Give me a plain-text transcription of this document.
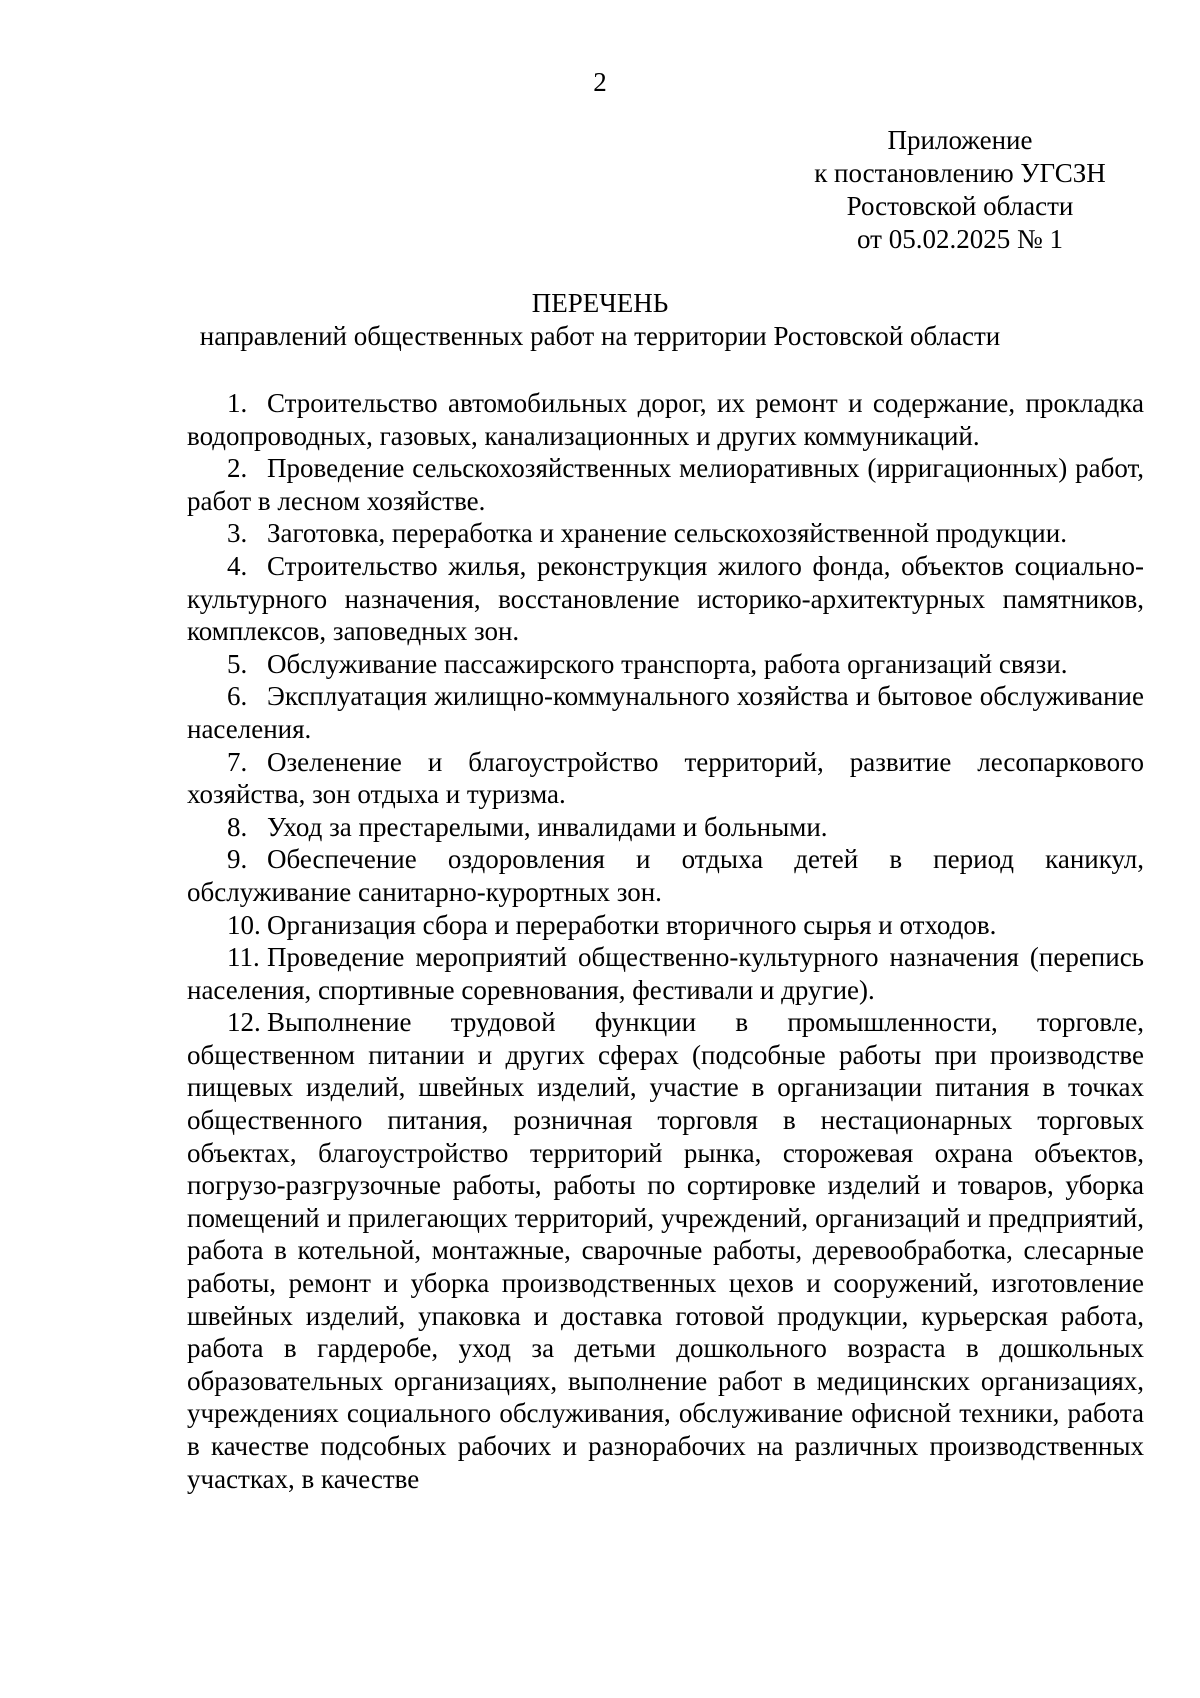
2
Приложение
к постановлению УГСЗН
Ростовской области
от 05.02.2025 № 1
ПЕРЕЧЕНЬ
направлений общественных работ на территории Ростовской области
1. Строительство автомобильных дорог, их ремонт и содержание, прокладка водопроводных, газовых, канализационных и других коммуникаций.
2. Проведение сельскохозяйственных мелиоративных (ирригационных) работ, работ в лесном хозяйстве.
3. Заготовка, переработка и хранение сельскохозяйственной продукции.
4. Строительство жилья, реконструкция жилого фонда, объектов социально-культурного назначения, восстановление историко-архитектурных памятников, комплексов, заповедных зон.
5. Обслуживание пассажирского транспорта, работа организаций связи.
6. Эксплуатация жилищно-коммунального хозяйства и бытовое обслуживание населения.
7. Озеленение и благоустройство территорий, развитие лесопаркового хозяйства, зон отдыха и туризма.
8. Уход за престарелыми, инвалидами и больными.
9. Обеспечение оздоровления и отдыха детей в период каникул, обслуживание санитарно-курортных зон.
10. Организация сбора и переработки вторичного сырья и отходов.
11. Проведение мероприятий общественно-культурного назначения (перепись населения, спортивные соревнования, фестивали и другие).
12. Выполнение трудовой функции в промышленности, торговле, общественном питании и других сферах (подсобные работы при производстве пищевых изделий, швейных изделий, участие в организации питания в точках общественного питания, розничная торговля в нестационарных торговых объектах, благоустройство территорий рынка, сторожевая охрана объектов, погрузо-разгрузочные работы, работы по сортировке изделий и товаров, уборка помещений и прилегающих территорий, учреждений, организаций и предприятий, работа в котельной, монтажные, сварочные работы, деревообработка, слесарные работы, ремонт и уборка производственных цехов и сооружений, изготовление швейных изделий, упаковка и доставка готовой продукции, курьерская работа, работа в гардеробе, уход за детьми дошкольного возраста в дошкольных образовательных организациях, выполнение работ в медицинских организациях, учреждениях социального обслуживания, обслуживание офисной техники, работа в качестве подсобных рабочих и разнорабочих на различных производственных участках, в качестве
